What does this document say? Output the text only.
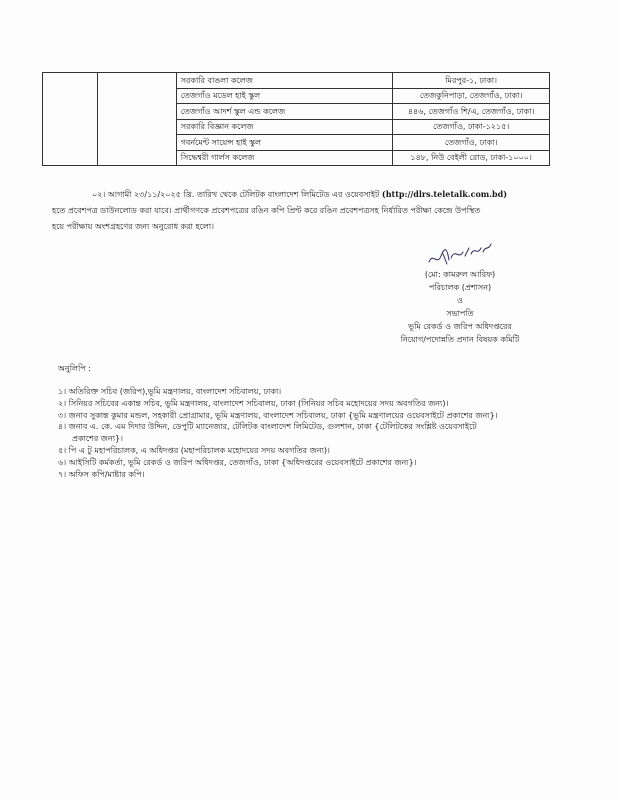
		সরকারি বাঙলা কলেজ	মিরপুর-১, ঢাকা।
		তেজগাঁও মডেল হাই স্কুল	তেজকুনিপাড়া, তেজগাঁও, ঢাকা।
		তেজগাঁও আদর্শ স্কুল এন্ড কলেজ	৪৪৬, তেজগাঁও শি/এ, তেজগাঁও, ঢাকা।
		সরকারি বিজ্ঞান কলেজ	তেজগাঁও, ঢাকা-১২১৫।
		গবর্নমেন্ট সায়েন্স হাই স্কুল	তেজগাঁও, ঢাকা।
		সিদ্ধেশ্বরী গার্লস কলেজ	১৪৮, নিউ বেইলী রোড, ঢাকা-১০০০।
০২। আগামী ২৩/১১/২০২৫ খ্রি. তারিখ থেকে টেলিটক বাংলাদেশ লিমিটেড এর ওয়েবসাইট (http://dlrs.teletalk.com.bd)
হতে প্রবেশপত্র ডাউনলোড করা যাবে। প্রার্থীগণকে প্রবেশপত্রের রঙিন কপি প্রিন্ট করে রঙিন প্রবেশপত্রসহ নির্ধারিত পরীক্ষা কেন্দ্রে উপস্থিত
হয়ে পরীক্ষায় অংশগ্রহণের জন্য অনুরোধ করা হলো।
(মো: কামরুল আরিফ)
পরিচালক (প্রশাসন)
ও
সভাপতি
ভূমি রেকর্ড ও জরিপ অধিদপ্তরের
নিয়োগ/পদোন্নতি প্রদান বিষয়ক কমিটি
অনুলিপি :
১। অতিরিক্ত সচিব (জরিপ),ভূমি মন্ত্রণালয়, বাংলাদেশ সচিবালয়, ঢাকা।
২। সিনিয়র সচিবের একান্ত সচিব, ভূমি মন্ত্রণালয়, বাংলাদেশ সচিবালয়, ঢাকা (সিনিয়র সচিব মহোদয়ের সদয় অবগতির জন্য)।
৩। জনাব সুকান্ত কুমার মন্ডল, সহকারী প্রোগ্রামার, ভূমি মন্ত্রণালয়, বাংলাদেশ সচিবালয়, ঢাকা {ভূমি মন্ত্রণালয়ের ওয়েবসাইটে প্রকাশের জন্য}।
৪। জনাব এ. কে. এম দিদার উদ্দিন, ডেপুটি ম্যানেজার, টেলিটক বাংলাদেশ লিমিটেড, গুলশান, ঢাকা {টেলিটকের সংশ্লিষ্ট ওয়েবসাইটে
প্রকাশের জন্য}।
৫। পি এ টু মহাপরিচালক, এ অধিদপ্তর (মহাপরিচালক মহোদয়ের সদয় অবগতির জন্য)।
৬। আইসিটি কর্মকর্তা, ভূমি রেকর্ড ও জরিপ অধিদপ্তর, তেজগাঁও, ঢাকা {অধিদপ্তরের ওয়েবসাইটে প্রকাশের জন্য}।
৭। অফিস কপি/মাষ্টার কপি।
